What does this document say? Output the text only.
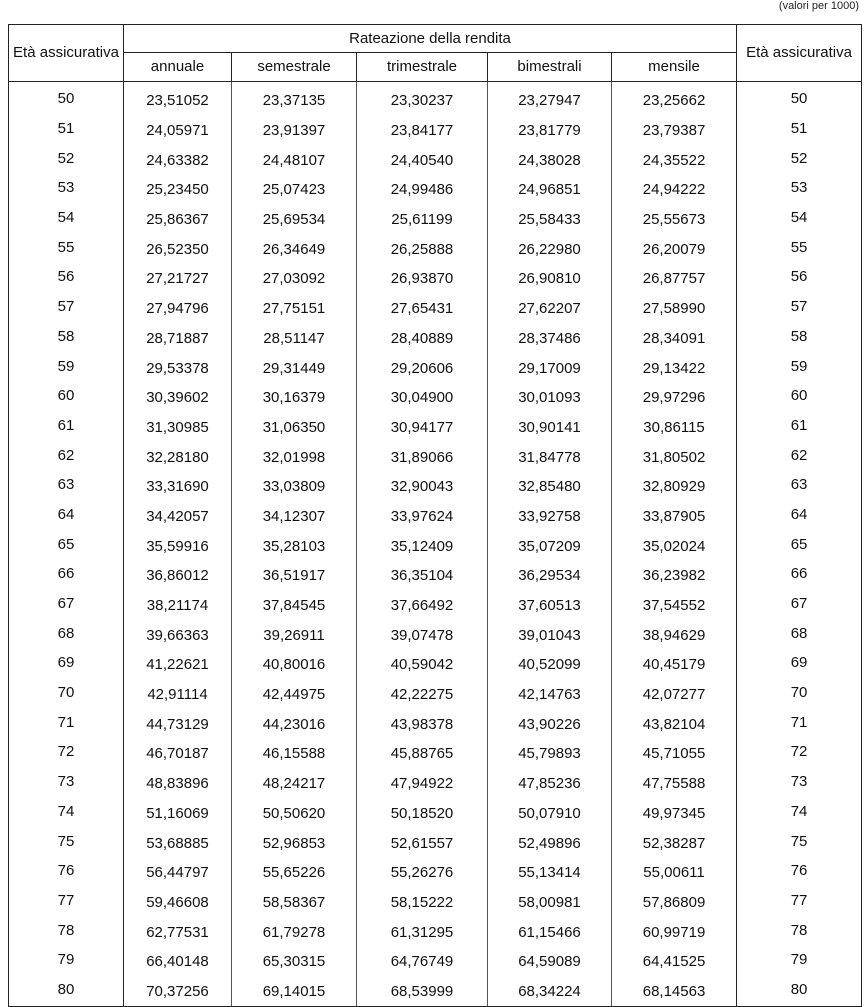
(valori per 1000)
Età assicurativa	Rateazione della rendita					Età assicurativa
	annuale	semestrale	trimestrale	bimestrali	mensile	
50	23,51052	23,37135	23,30237	23,27947	23,25662	50
51	24,05971	23,91397	23,84177	23,81779	23,79387	51
52	24,63382	24,48107	24,40540	24,38028	24,35522	52
53	25,23450	25,07423	24,99486	24,96851	24,94222	53
54	25,86367	25,69534	25,61199	25,58433	25,55673	54
55	26,52350	26,34649	26,25888	26,22980	26,20079	55
56	27,21727	27,03092	26,93870	26,90810	26,87757	56
57	27,94796	27,75151	27,65431	27,62207	27,58990	57
58	28,71887	28,51147	28,40889	28,37486	28,34091	58
59	29,53378	29,31449	29,20606	29,17009	29,13422	59
60	30,39602	30,16379	30,04900	30,01093	29,97296	60
61	31,30985	31,06350	30,94177	30,90141	30,86115	61
62	32,28180	32,01998	31,89066	31,84778	31,80502	62
63	33,31690	33,03809	32,90043	32,85480	32,80929	63
64	34,42057	34,12307	33,97624	33,92758	33,87905	64
65	35,59916	35,28103	35,12409	35,07209	35,02024	65
66	36,86012	36,51917	36,35104	36,29534	36,23982	66
67	38,21174	37,84545	37,66492	37,60513	37,54552	67
68	39,66363	39,26911	39,07478	39,01043	38,94629	68
69	41,22621	40,80016	40,59042	40,52099	40,45179	69
70	42,91114	42,44975	42,22275	42,14763	42,07277	70
71	44,73129	44,23016	43,98378	43,90226	43,82104	71
72	46,70187	46,15588	45,88765	45,79893	45,71055	72
73	48,83896	48,24217	47,94922	47,85236	47,75588	73
74	51,16069	50,50620	50,18520	50,07910	49,97345	74
75	53,68885	52,96853	52,61557	52,49896	52,38287	75
76	56,44797	55,65226	55,26276	55,13414	55,00611	76
77	59,46608	58,58367	58,15222	58,00981	57,86809	77
78	62,77531	61,79278	61,31295	61,15466	60,99719	78
79	66,40148	65,30315	64,76749	64,59089	64,41525	79
80	70,37256	69,14015	68,53999	68,34224	68,14563	80
